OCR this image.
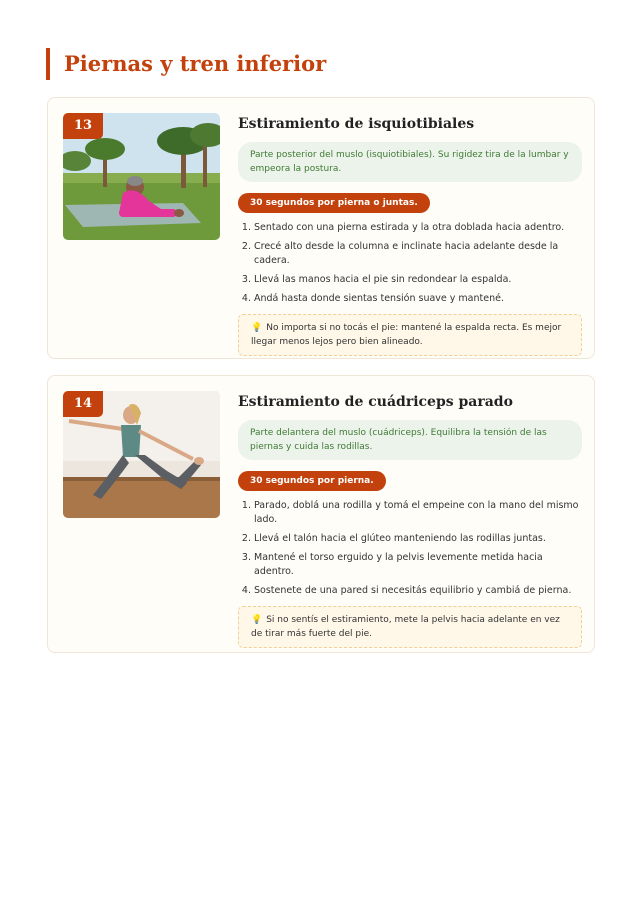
Piernas y tren inferior
13	Estiramiento de isquiotibiales
Parte posterior del muslo (isquiotibiales). Su rigidez tira de la lumbar y empeora la postura.
30 segundos por pierna o juntas.
1. Sentado con una pierna estirada y la otra doblada hacia adentro.
2. Crecé alto desde la columna e inclinate hacia adelante desde la cadera.
3. Llevá las manos hacia el pie sin redondear la espalda.
4. Andá hasta donde sientas tensión suave y mantené.
💡 No importa si no tocás el pie: mantené la espalda recta. Es mejor llegar menos lejos pero bien alineado.
14	Estiramiento de cuádriceps parado
Parte delantera del muslo (cuádriceps). Equilibra la tensión de las piernas y cuida las rodillas.
30 segundos por pierna.
1. Parado, doblá una rodilla y tomá el empeine con la mano del mismo lado.
2. Llevá el talón hacia el glúteo manteniendo las rodillas juntas.
3. Mantené el torso erguido y la pelvis levemente metida hacia adentro.
4. Sostenete de una pared si necesitás equilibrio y cambiá de pierna.
💡 Si no sentís el estiramiento, mete la pelvis hacia adelante en vez de tirar más fuerte del pie.
